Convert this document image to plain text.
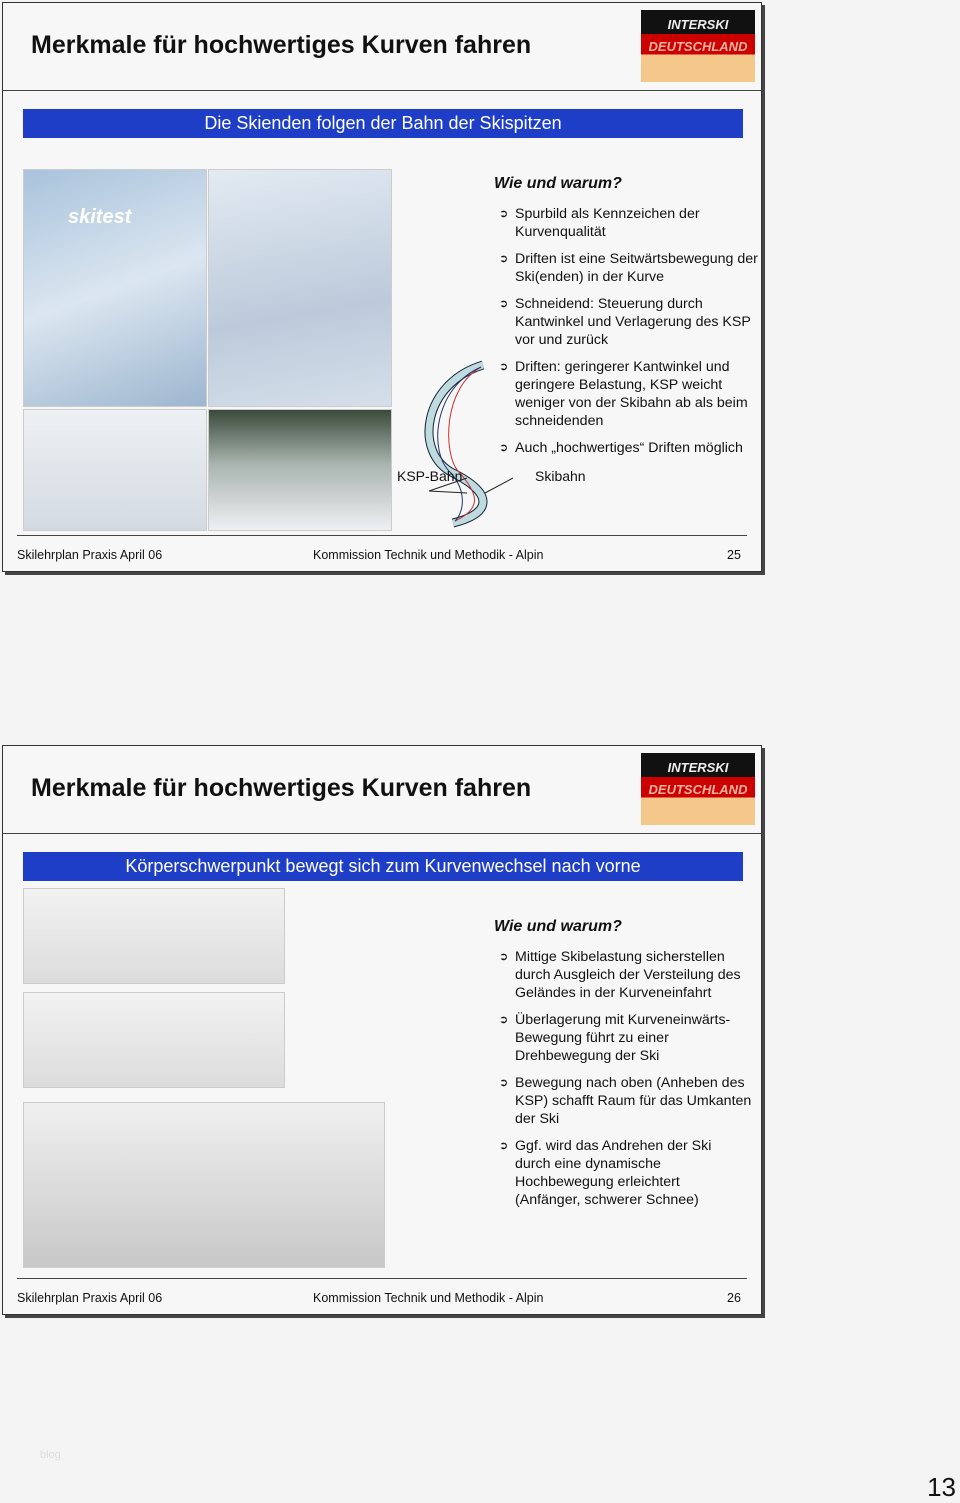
Merkmale für hochwertiges Kurven fahren
INTERSKI
DEUTSCHLAND
Die Skienden folgen der Bahn der Skispitzen
skitest
KSP-Bahn	Skibahn
Wie und warum?
➲ Spurbild als Kennzeichen der Kurvenqualität
➲ Driften ist eine Seitwärtsbewegung der Ski(enden) in der Kurve
➲ Schneidend: Steuerung durch Kantwinkel und Verlagerung des KSP vor und zurück
➲ Driften: geringerer Kantwinkel und geringere Belastung, KSP weicht weniger von der Skibahn ab als beim schneidenden
➲ Auch „hochwertiges“ Driften möglich
Skilehrplan Praxis April 06	Kommission Technik und Methodik - Alpin	25
Merkmale für hochwertiges Kurven fahren
INTERSKI
DEUTSCHLAND
Körperschwerpunkt bewegt sich zum Kurvenwechsel nach vorne
Wie und warum?
➲ Mittige Skibelastung sicherstellen durch Ausgleich der Versteilung des Geländes in der Kurveneinfahrt
➲ Überlagerung mit Kurveneinwärts-Bewegung führt zu einer Drehbewegung der Ski
➲ Bewegung nach oben (Anheben des KSP) schafft Raum für das Umkanten der Ski
➲ Ggf. wird das Andrehen der Ski durch eine dynamische Hochbewegung erleichtert (Anfänger, schwerer Schnee)
Skilehrplan Praxis April 06	Kommission Technik und Methodik - Alpin	26
blog
13
